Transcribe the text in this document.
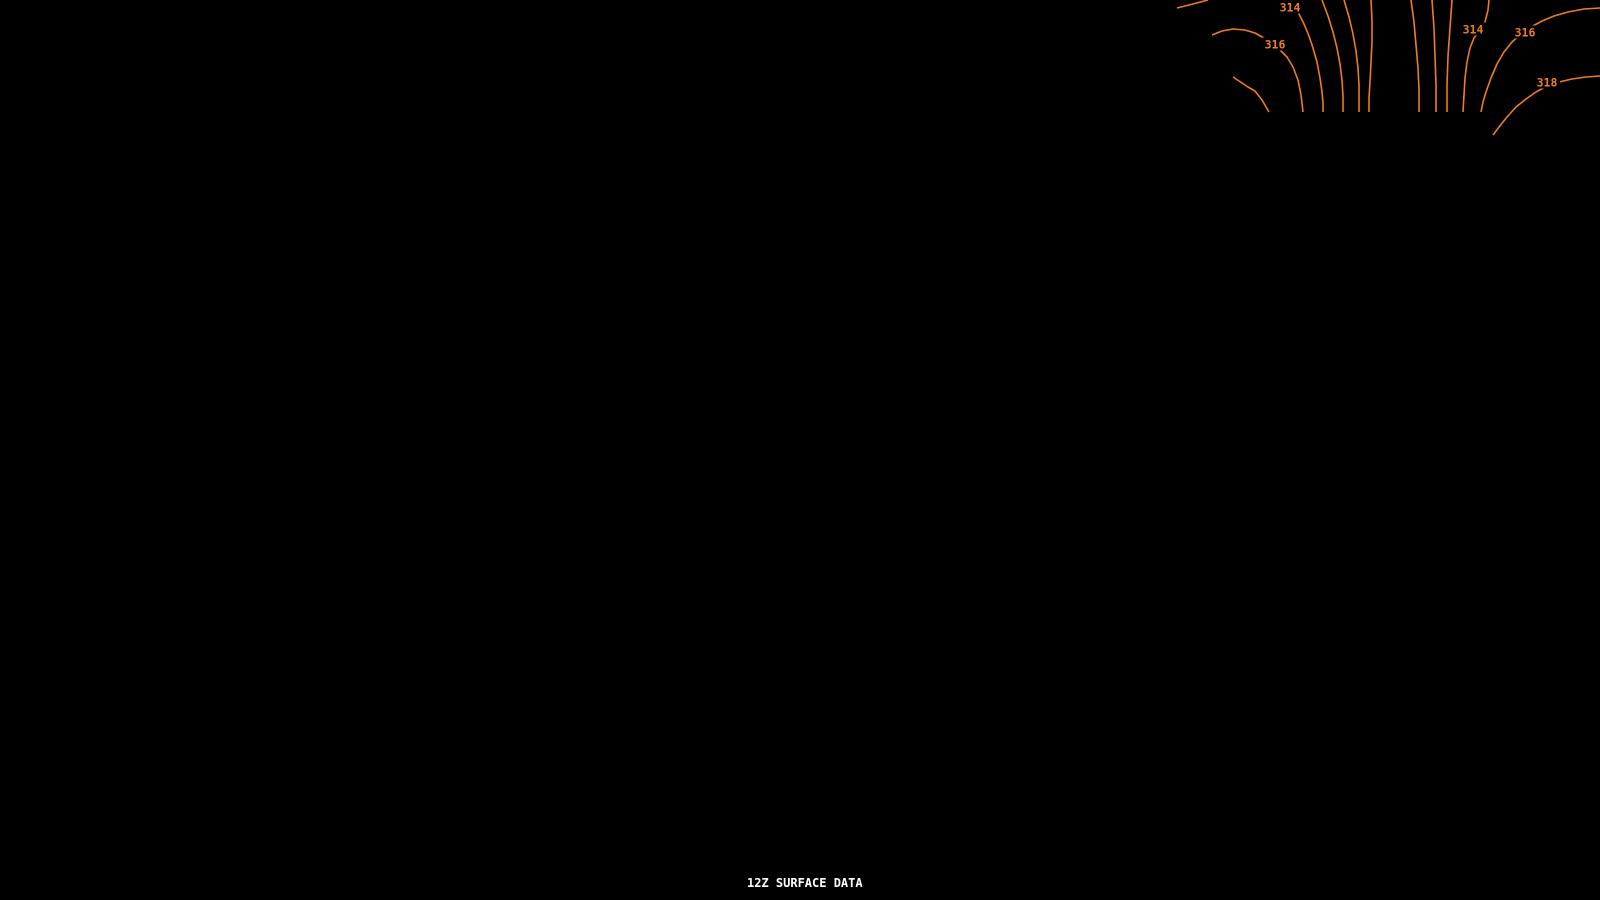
316
314
314	316
318
12Z SURFACE DATA
